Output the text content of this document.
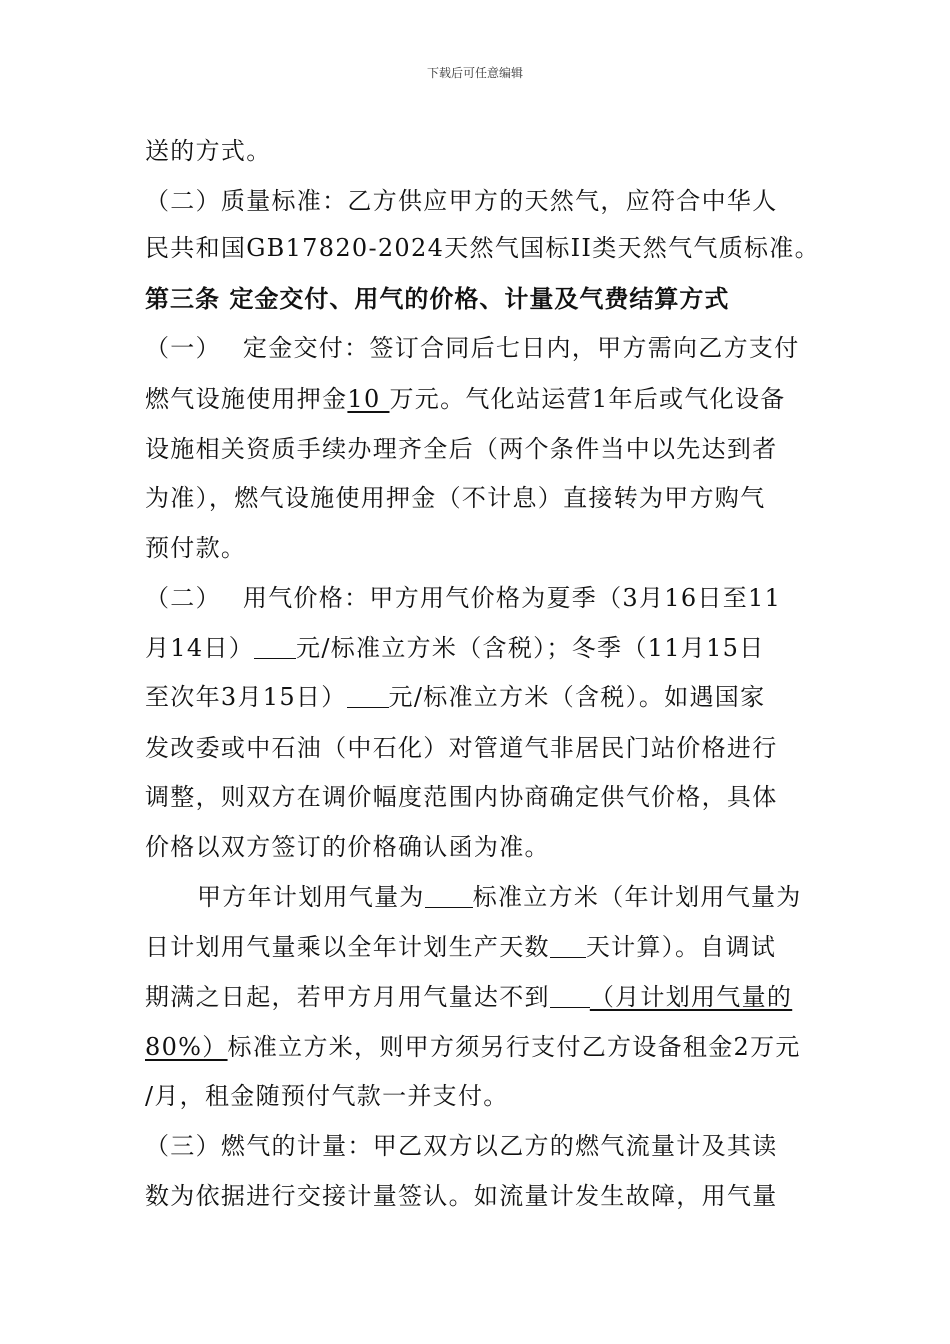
下载后可任意编辑
送的方式。
（二）质量标准：乙方供应甲方的天然气，应符合中华人
民共和国GB17820-2024天然气国标II类天然气气质标准。
第三条 定金交付、用气的价格、计量及气费结算方式
（一） 定金交付：签订合同后七日内，甲方需向乙方支付
燃气设施使用押金10 万元。气化站运营1年后或气化设备
设施相关资质手续办理齐全后（两个条件当中以先达到者
为准），燃气设施使用押金（不计息）直接转为甲方购气
预付款。
（二） 用气价格：甲方用气价格为夏季（3月16日至11
月14日） 元/标准立方米（含税）；冬季（11月15日
至次年3月15日） 元/标准立方米（含税）。如遇国家
发改委或中石油（中石化）对管道气非居民门站价格进行
调整，则双方在调价幅度范围内协商确定供气价格，具体
价格以双方签订的价格确认函为准。
甲方年计划用气量为 标准立方米（年计划用气量为
日计划用气量乘以全年计划生产天数 天计算）。自调试
期满之日起，若甲方月用气量达不到 （月计划用气量的
80%）标准立方米，则甲方须另行支付乙方设备租金2万元
/月，租金随预付气款一并支付。
（三）燃气的计量：甲乙双方以乙方的燃气流量计及其读
数为依据进行交接计量签认。如流量计发生故障，用气量
